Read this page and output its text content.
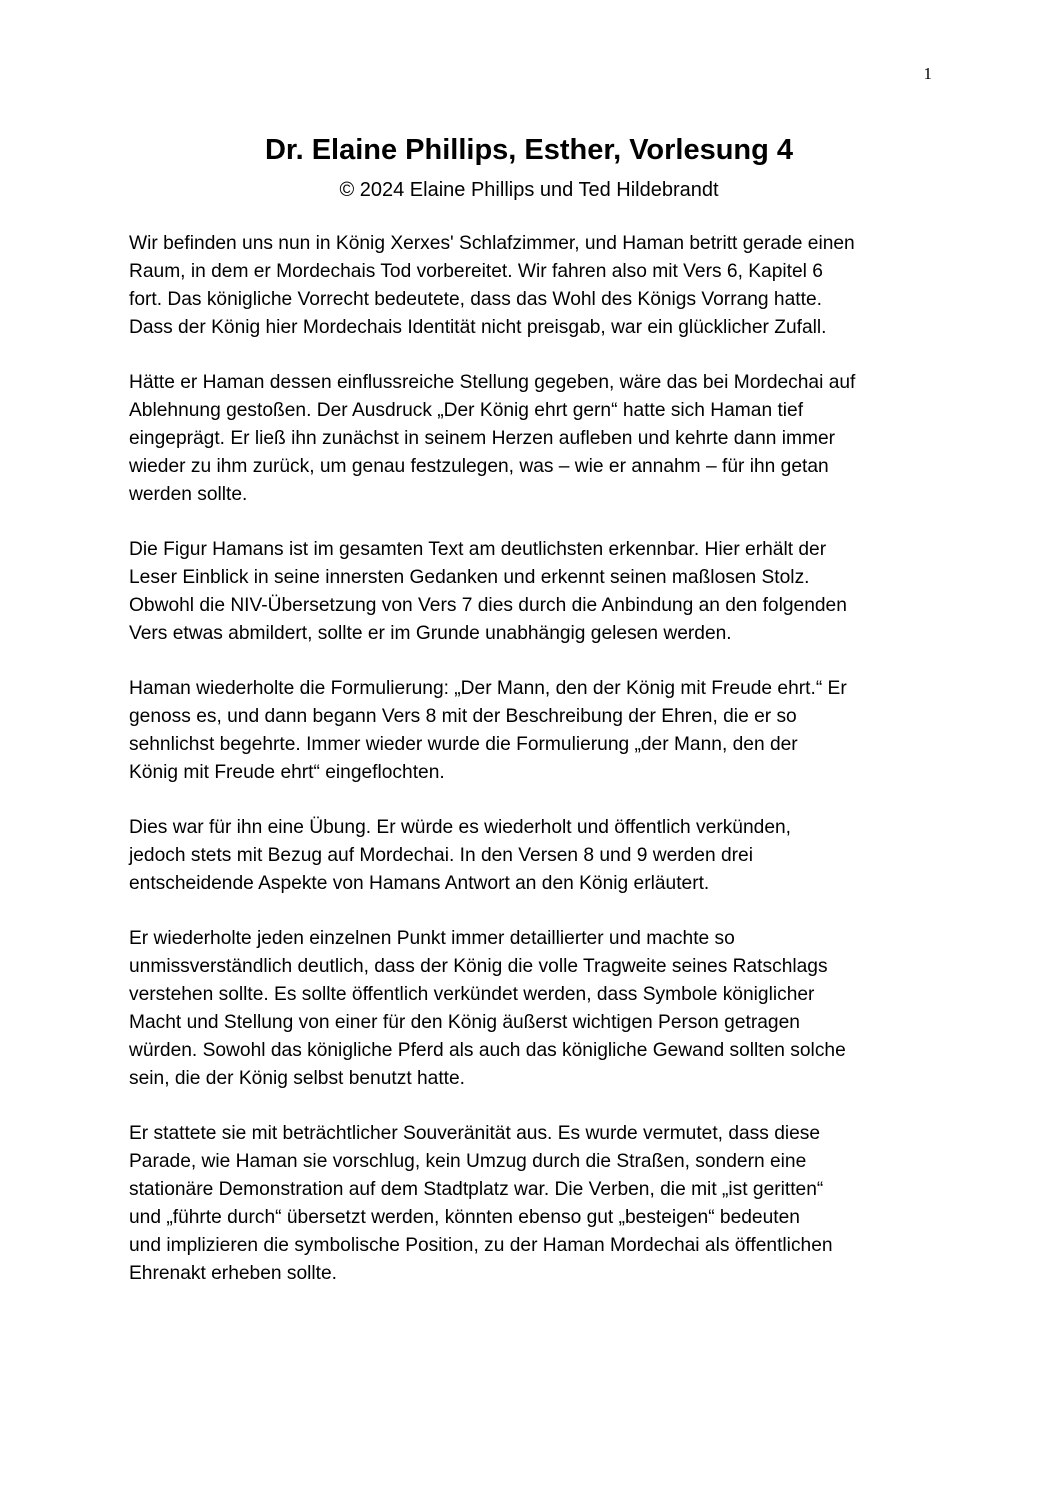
1
Dr. Elaine Phillips, Esther, Vorlesung 4
© 2024 Elaine Phillips und Ted Hildebrandt

Wir befinden uns nun in König Xerxes' Schlafzimmer, und Haman betritt gerade einen
Raum, in dem er Mordechais Tod vorbereitet. Wir fahren also mit Vers 6, Kapitel 6
fort. Das königliche Vorrecht bedeutete, dass das Wohl des Königs Vorrang hatte.
Dass der König hier Mordechais Identität nicht preisgab, war ein glücklicher Zufall.

Hätte er Haman dessen einflussreiche Stellung gegeben, wäre das bei Mordechai auf
Ablehnung gestoßen. Der Ausdruck „Der König ehrt gern“ hatte sich Haman tief
eingeprägt. Er ließ ihn zunächst in seinem Herzen aufleben und kehrte dann immer
wieder zu ihm zurück, um genau festzulegen, was – wie er annahm – für ihn getan
werden sollte.

Die Figur Hamans ist im gesamten Text am deutlichsten erkennbar. Hier erhält der
Leser Einblick in seine innersten Gedanken und erkennt seinen maßlosen Stolz.
Obwohl die NIV-Übersetzung von Vers 7 dies durch die Anbindung an den folgenden
Vers etwas abmildert, sollte er im Grunde unabhängig gelesen werden.

Haman wiederholte die Formulierung: „Der Mann, den der König mit Freude ehrt.“ Er
genoss es, und dann begann Vers 8 mit der Beschreibung der Ehren, die er so
sehnlichst begehrte. Immer wieder wurde die Formulierung „der Mann, den der
König mit Freude ehrt“ eingeflochten.

Dies war für ihn eine Übung. Er würde es wiederholt und öffentlich verkünden,
jedoch stets mit Bezug auf Mordechai. In den Versen 8 und 9 werden drei
entscheidende Aspekte von Hamans Antwort an den König erläutert.

Er wiederholte jeden einzelnen Punkt immer detaillierter und machte so
unmissverständlich deutlich, dass der König die volle Tragweite seines Ratschlags
verstehen sollte. Es sollte öffentlich verkündet werden, dass Symbole königlicher
Macht und Stellung von einer für den König äußerst wichtigen Person getragen
würden. Sowohl das königliche Pferd als auch das königliche Gewand sollten solche
sein, die der König selbst benutzt hatte.

Er stattete sie mit beträchtlicher Souveränität aus. Es wurde vermutet, dass diese
Parade, wie Haman sie vorschlug, kein Umzug durch die Straßen, sondern eine
stationäre Demonstration auf dem Stadtplatz war. Die Verben, die mit „ist geritten“
und „führte durch“ übersetzt werden, könnten ebenso gut „besteigen“ bedeuten
und implizieren die symbolische Position, zu der Haman Mordechai als öffentlichen
Ehrenakt erheben sollte.
